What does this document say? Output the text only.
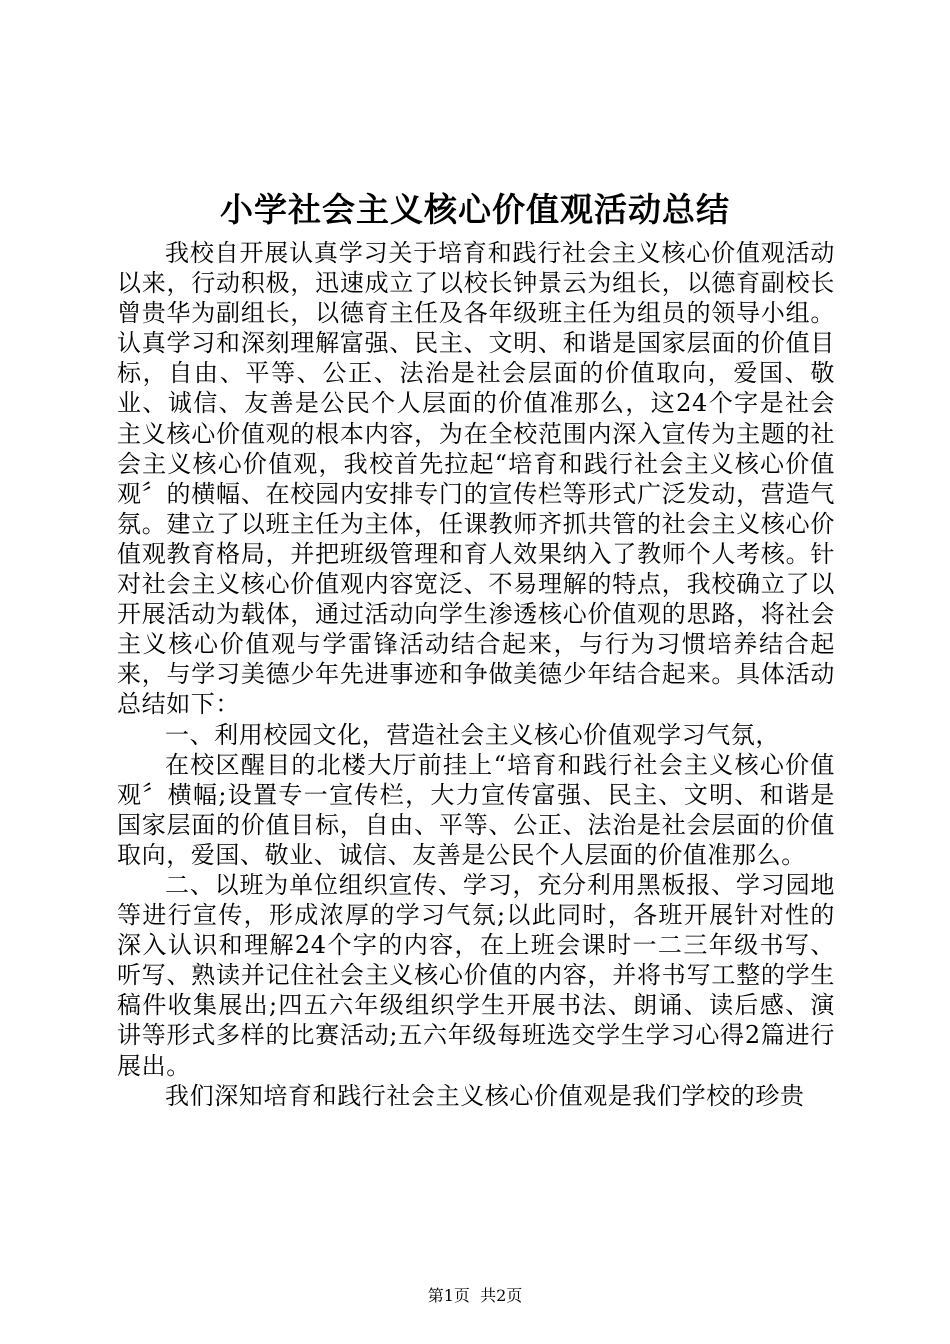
小学社会主义核心价值观活动总结

我校自开展认真学习关于培育和践行社会主义核心价值观活动以来，行动积极，迅速成立了以校长钟景云为组长，以德育副校长曾贵华为副组长，以德育主任及各年级班主任为组员的领导小组。认真学习和深刻理解富强、民主、文明、和谐是国家层面的价值目标，自由、平等、公正、法治是社会层面的价值取向，爱国、敬业、诚信、友善是公民个人层面的价值准那么，这24个字是社会主义核心价值观的根本内容，为在全校范围内深入宣传为主题的社会主义核心价值观，我校首先拉起“培育和践行社会主义核心价值观〞的横幅、在校园内安排专门的宣传栏等形式广泛发动，营造气氛。建立了以班主任为主体，任课教师齐抓共管的社会主义核心价值观教育格局，并把班级管理和育人效果纳入了教师个人考核。针对社会主义核心价值观内容宽泛、不易理解的特点，我校确立了以开展活动为载体，通过活动向学生渗透核心价值观的思路，将社会主义核心价值观与学雷锋活动结合起来，与行为习惯培养结合起来，与学习美德少年先进事迹和争做美德少年结合起来。具体活动总结如下：

一、利用校园文化，营造社会主义核心价值观学习气氛，

在校区醒目的北楼大厅前挂上“培育和践行社会主义核心价值观〞横幅;设置专一宣传栏，大力宣传富强、民主、文明、和谐是国家层面的价值目标，自由、平等、公正、法治是社会层面的价值取向，爱国、敬业、诚信、友善是公民个人层面的价值准那么。

二、以班为单位组织宣传、学习，充分利用黑板报、学习园地等进行宣传，形成浓厚的学习气氛;以此同时，各班开展针对性的深入认识和理解24个字的内容，在上班会课时一二三年级书写、听写、熟读并记住社会主义核心价值的内容，并将书写工整的学生稿件收集展出;四五六年级组织学生开展书法、朗诵、读后感、演讲等形式多样的比赛活动;五六年级每班选交学生学习心得2篇进行展出。

我们深知培育和践行社会主义核心价值观是我们学校的珍贵

第1页 共2页
